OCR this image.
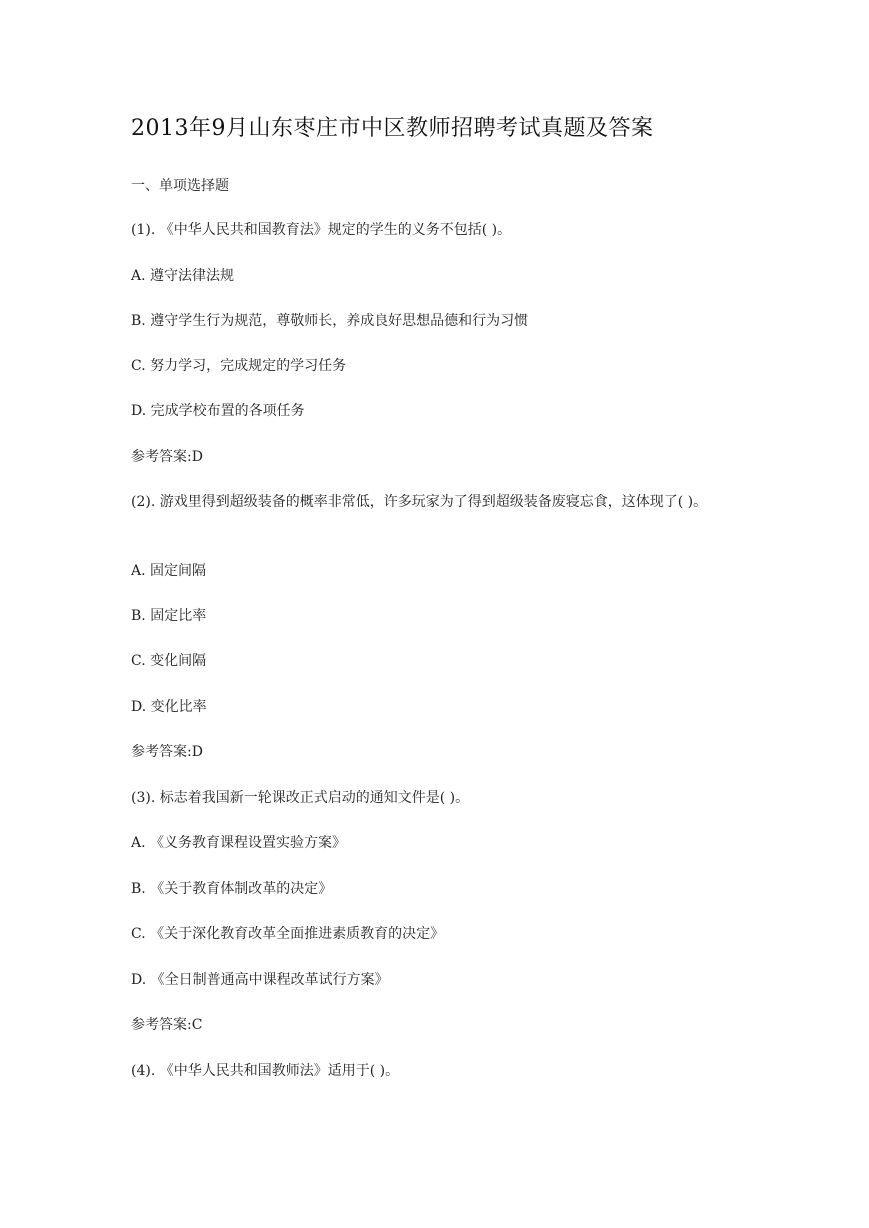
2013年9月山东枣庄市中区教师招聘考试真题及答案
一、单项选择题
(1). 《中华人民共和国教育法》规定的学生的义务不包括( )。
A. 遵守法律法规
B. 遵守学生行为规范，尊敬师长，养成良好思想品德和行为习惯
C. 努力学习，完成规定的学习任务
D. 完成学校布置的各项任务
参考答案:D
(2). 游戏里得到超级装备的概率非常低，许多玩家为了得到超级装备废寝忘食，这体现了( )。
A. 固定间隔
B. 固定比率
C. 变化间隔
D. 变化比率
参考答案:D
(3). 标志着我国新一轮课改正式启动的通知文件是( )。
A. 《义务教育课程设置实验方案》
B. 《关于教育体制改革的决定》
C. 《关于深化教育改革全面推进素质教育的决定》
D. 《全日制普通高中课程改革试行方案》
参考答案:C
(4). 《中华人民共和国教师法》适用于( )。
